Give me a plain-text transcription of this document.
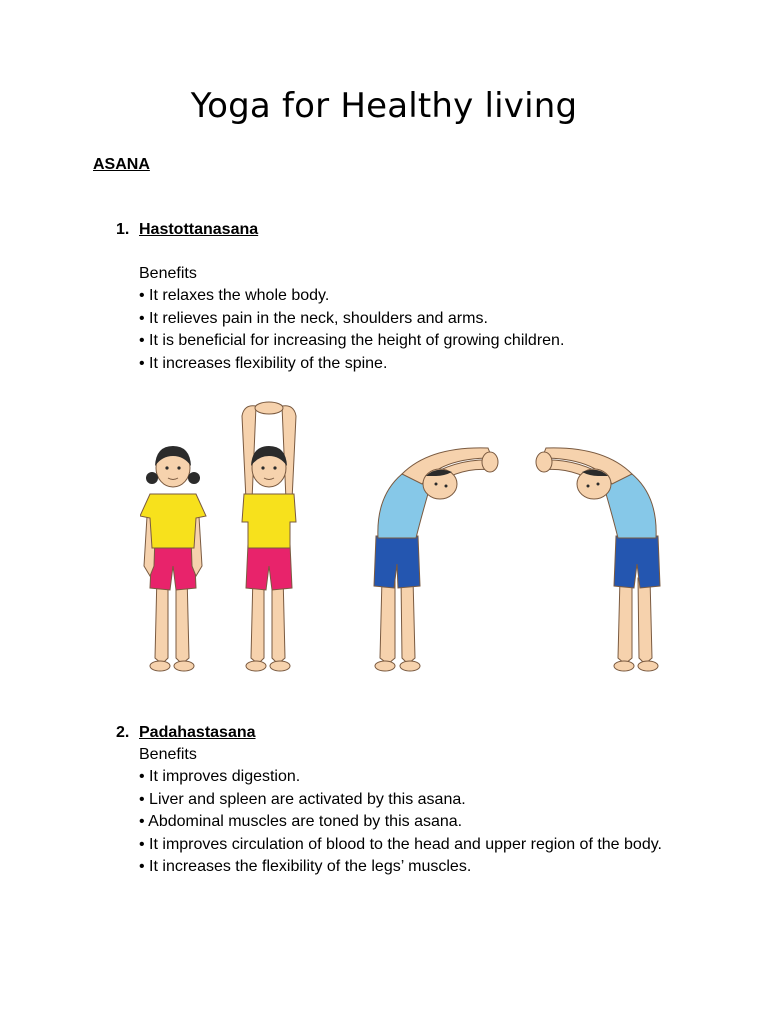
Yoga for Healthy living
ASANA
1. Hastottanasana
Benefits
• It relaxes the whole body.
• It relieves pain in the neck, shoulders and arms.
• It is beneficial for increasing the height of growing children.
• It increases flexibility of the spine.
2. Padahastasana
Benefits
• It improves digestion.
• Liver and spleen are activated by this asana.
• Abdominal muscles are toned by this asana.
• It improves circulation of blood to the head and upper region of the body.
• It increases the flexibility of the legs’ muscles.
